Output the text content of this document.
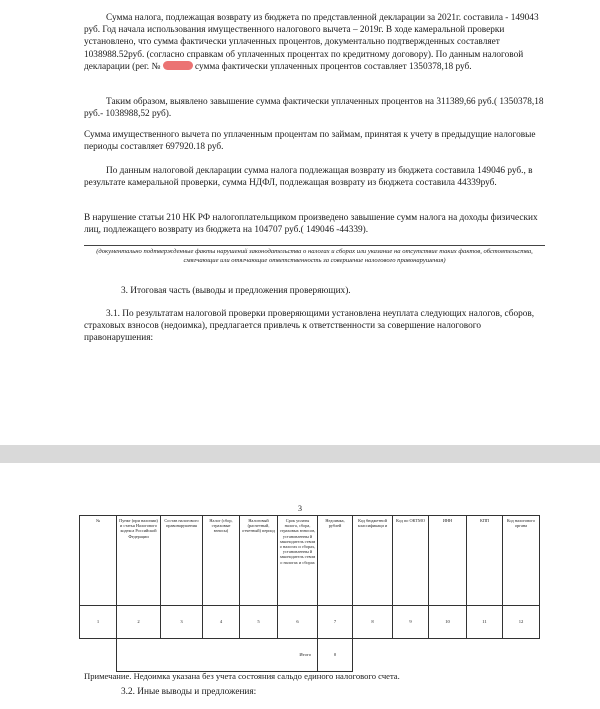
Сумма налога, подлежащая возврату из бюджета по представленной декларации за 2021г. составила - 149043 руб. Год начала использования имущественного налогового вычета – 2019г. В ходе камеральной проверки установлено, что сумма фактически уплаченных процентов, документально подтвержденных составляет 1038988.52руб. (согласно справкам об уплаченных процентах по кредитному договору). По данным налоговой декларации (рег. №	сумма фактически уплаченных процентов составляет 1350378,18 руб.

Таким образом, выявлено завышение сумма фактически уплаченных процентов на 311389,66 руб.( 1350378,18 руб.- 1038988,52 руб).

Сумма имущественного вычета по уплаченным процентам по займам, принятая к учету в предыдущие налоговые периоды составляет 697920.18 руб.

По данным налоговой декларации сумма налога подлежащая возврату из бюджета составила 149046 руб., в результате камеральной проверки, сумма НДФЛ, подлежащая возврату из бюджета составила 44339руб.

В нарушение статьи 210 НК РФ налогоплательщиком произведено завышение сумм налога на доходы физических лиц, подлежащего возврату из бюджета на 104707 руб.( 149046 -44339).

(документально подтвержденные факты нарушений законодательства о налогах и сборах или указание на отсутствие таких фактов, обстоятельства, смягчающие или отягчающие ответственность за совершение налогового правонарушения)

3. Итоговая часть (выводы и предложения проверяющих).

3.1. По результатам налоговой проверки проверяющими установлена неуплата следующих налогов, сборов, страховых взносов (недоимка), предлагается привлечь к ответственности за совершение налогового правонарушения:

3
№	Пункт (при наличии) и статья Налогового кодекса Российской Федерации	Состав налогового правонарушения	Налог (сбор, страховые взносы)	Налоговый (расчетный, отчетный) период	Срок уплаты налога, сбора, страховых взносов, установленны й законодатель ством о налогах и сборах, установленны й законодатель ством о налогах и сборах	Недоимка, рублей	Код бюджетной классификаци и	Код по ОКТМО	ИНН	КПП	Код налогового органа
1	2	3	4	5	6	7	8	9	10	11	12
	Итого					0					

Примечание. Недоимка указана без учета состояния сальдо единого налогового счета.

3.2. Иные выводы и предложения:
